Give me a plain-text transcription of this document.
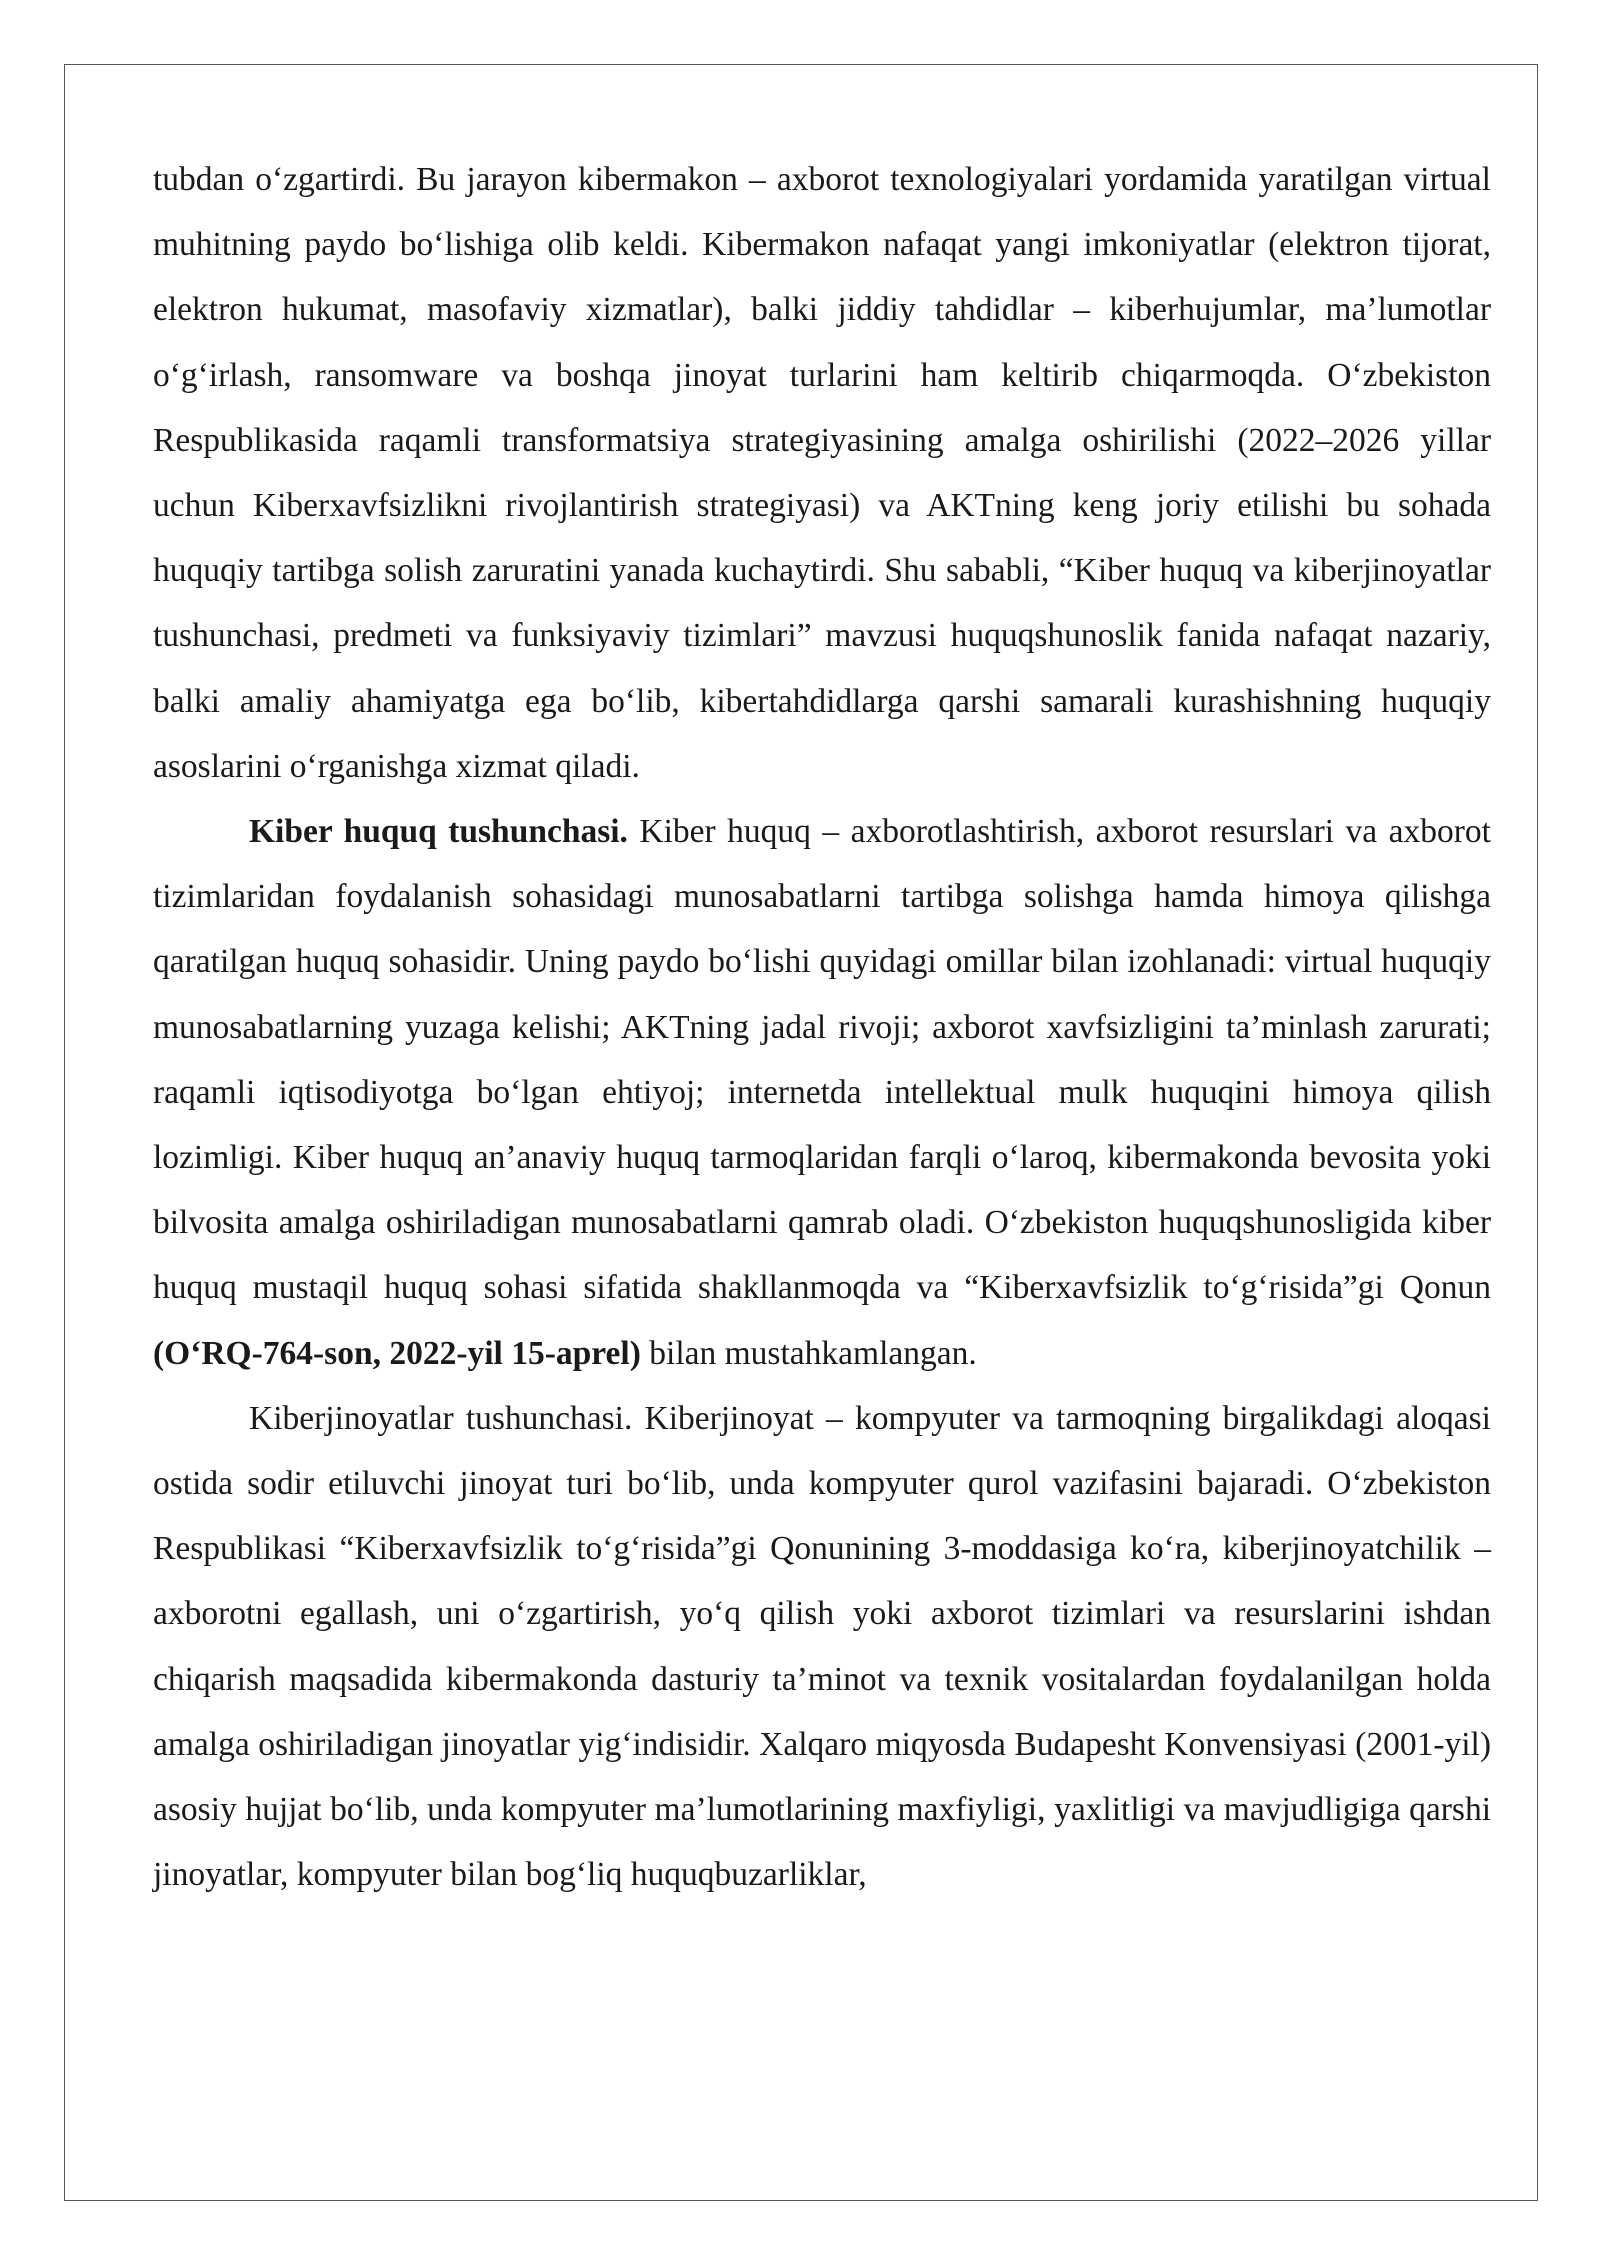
tubdan o‘zgartirdi. Bu jarayon kibermakon – axborot texnologiyalari yordamida yaratilgan virtual muhitning paydo bo‘lishiga olib keldi. Kibermakon nafaqat yangi imkoniyatlar (elektron tijorat, elektron hukumat, masofaviy xizmatlar), balki jiddiy tahdidlar – kiberhujumlar, ma’lumotlar o‘g‘irlash, ransomware va boshqa jinoyat turlarini ham keltirib chiqarmoqda. O‘zbekiston Respublikasida raqamli transformatsiya strategiyasining amalga oshirilishi (2022–2026 yillar uchun Kiberxavfsizlikni rivojlantirish strategiyasi) va AKTning keng joriy etilishi bu sohada huquqiy tartibga solish zaruratini yanada kuchaytirdi. Shu sababli, “Kiber huquq va kiberjinoyatlar tushunchasi, predmeti va funksiyaviy tizimlari” mavzusi huquqshunoslik fanida nafaqat nazariy, balki amaliy ahamiyatga ega bo‘lib, kibertahdidlarga qarshi samarali kurashishning huquqiy asoslarini o‘rganishga xizmat qiladi.

Kiber huquq tushunchasi. Kiber huquq – axborotlashtirish, axborot resurslari va axborot tizimlaridan foydalanish sohasidagi munosabatlarni tartibga solishga hamda himoya qilishga qaratilgan huquq sohasidir. Uning paydo bo‘lishi quyidagi omillar bilan izohlanadi: virtual huquqiy munosabatlarning yuzaga kelishi; AKTning jadal rivoji; axborot xavfsizligini ta’minlash zarurati; raqamli iqtisodiyotga bo‘lgan ehtiyoj; internetda intellektual mulk huquqini himoya qilish lozimligi. Kiber huquq an’anaviy huquq tarmoqlaridan farqli o‘laroq, kibermakonda bevosita yoki bilvosita amalga oshiriladigan munosabatlarni qamrab oladi. O‘zbekiston huquqshunosligida kiber huquq mustaqil huquq sohasi sifatida shakllanmoqda va “Kiberxavfsizlik to‘g‘risida”gi Qonun (O‘RQ-764-son, 2022-yil 15-aprel) bilan mustahkamlangan.

Kiberjinoyatlar tushunchasi. Kiberjinoyat – kompyuter va tarmoqning birgalikdagi aloqasi ostida sodir etiluvchi jinoyat turi bo‘lib, unda kompyuter qurol vazifasini bajaradi. O‘zbekiston Respublikasi “Kiberxavfsizlik to‘g‘risida”gi Qonunining 3-moddasiga ko‘ra, kiberjinoyatchilik – axborotni egallash, uni o‘zgartirish, yo‘q qilish yoki axborot tizimlari va resurslarini ishdan chiqarish maqsadida kibermakonda dasturiy ta’minot va texnik vositalardan foydalanilgan holda amalga oshiriladigan jinoyatlar yig‘indisidir. Xalqaro miqyosda Budapesht Konvensiyasi (2001-yil) asosiy hujjat bo‘lib, unda kompyuter ma’lumotlarining maxfiyligi, yaxlitligi va mavjudligiga qarshi jinoyatlar, kompyuter bilan bog‘liq huquqbuzarliklar,
